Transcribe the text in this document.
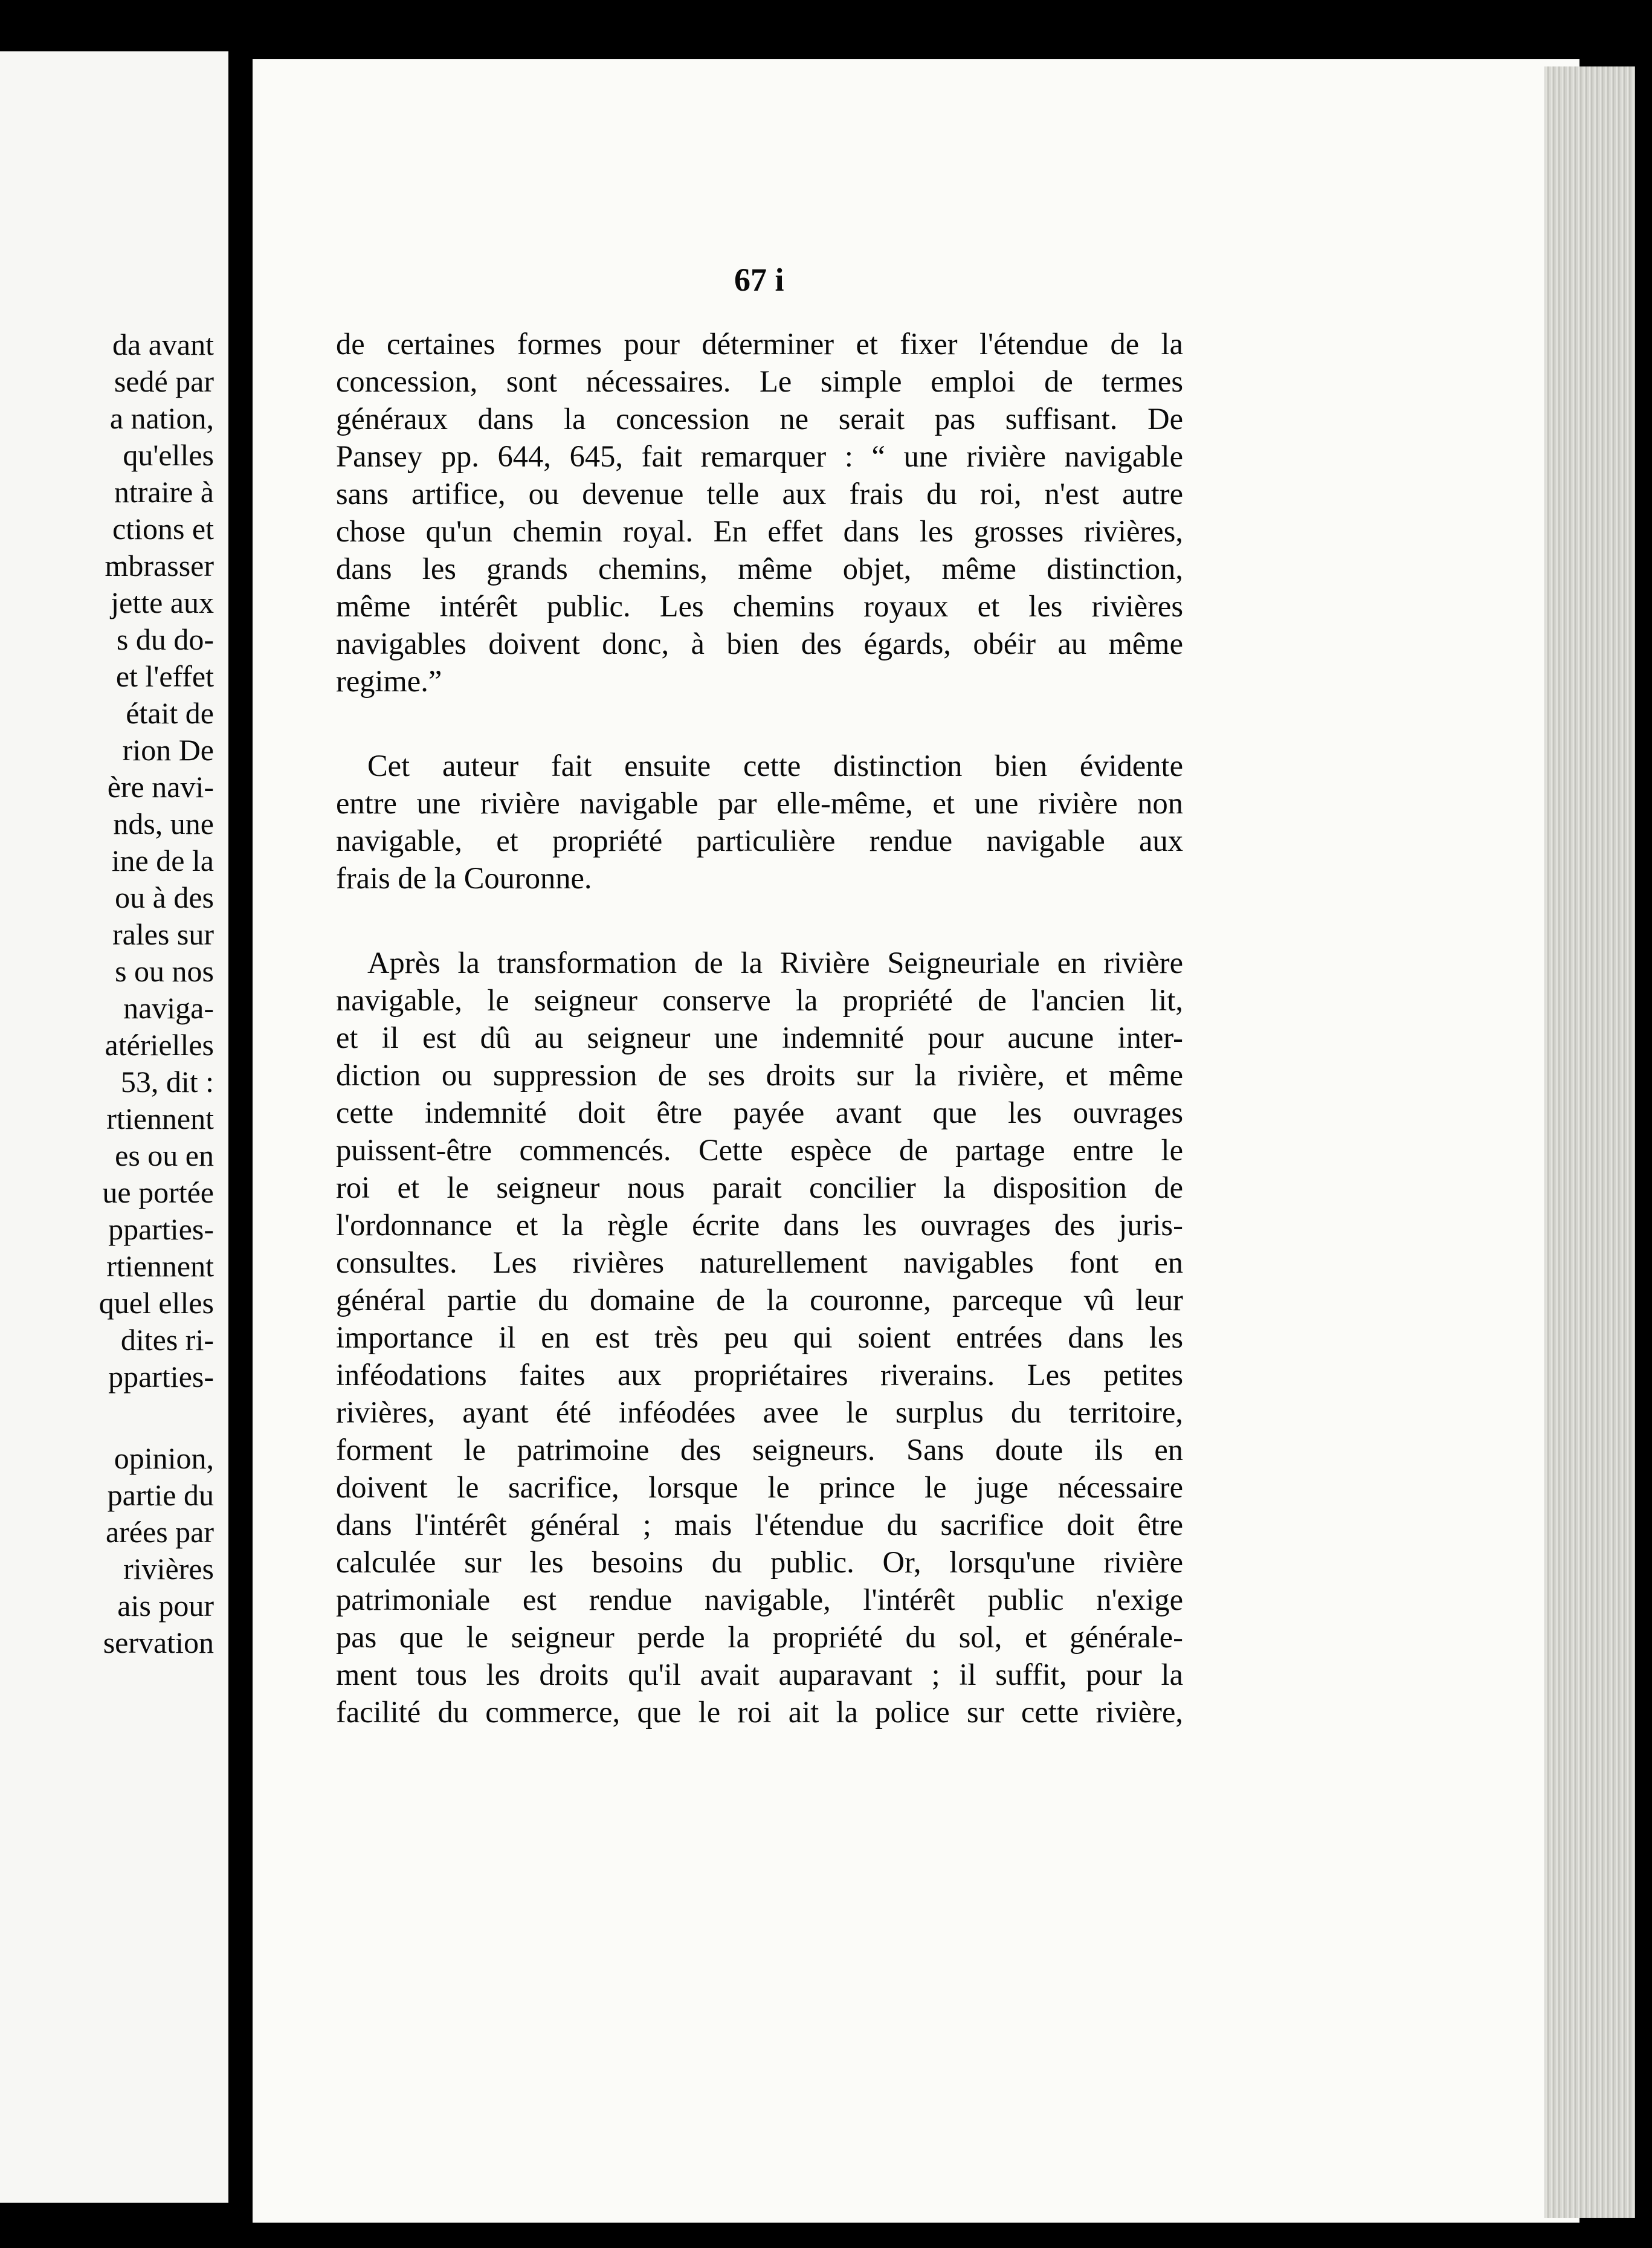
da avant
sedé par
a nation,
qu'elles
ntraire à
ctions et
mbrasser
jette aux
s du do-
et l'effet
était de
rion De
ère navi-
nds, une
ine de la
ou à des
rales sur
s ou nos
naviga-
atérielles
53, dit :
rtiennent
es ou en
ue portée
pparties-
rtiennent
quel elles
dites ri-
pparties-
opinion,
partie du
arées par
rivières
ais pour
servation
67 i
de certaines formes pour déterminer et fixer l'étendue de la
concession, sont nécessaires. Le simple emploi de termes
généraux dans la concession ne serait pas suffisant. De
Pansey pp. 644, 645, fait remarquer : “ une rivière navigable
sans artifice, ou devenue telle aux frais du roi, n'est autre
chose qu'un chemin royal. En effet dans les grosses rivières,
dans les grands chemins, même objet, même distinction,
même intérêt public. Les chemins royaux et les rivières
navigables doivent donc, à bien des égards, obéir au même
regime.”
Cet auteur fait ensuite cette distinction bien évidente
entre une rivière navigable par elle-même, et une rivière non
navigable, et propriété particulière rendue navigable aux
frais de la Couronne.
Après la transformation de la Rivière Seigneuriale en rivière
navigable, le seigneur conserve la propriété de l'ancien lit,
et il est dû au seigneur une indemnité pour aucune inter-
diction ou suppression de ses droits sur la rivière, et même
cette indemnité doit être payée avant que les ouvrages
puissent-être commencés. Cette espèce de partage entre le
roi et le seigneur nous parait concilier la disposition de
l'ordonnance et la règle écrite dans les ouvrages des juris-
consultes. Les rivières naturellement navigables font en
général partie du domaine de la couronne, parceque vû leur
importance il en est très peu qui soient entrées dans les
inféodations faites aux propriétaires riverains. Les petites
rivières, ayant été inféodées avee le surplus du territoire,
forment le patrimoine des seigneurs. Sans doute ils en
doivent le sacrifice, lorsque le prince le juge nécessaire
dans l'intérêt général ; mais l'étendue du sacrifice doit être
calculée sur les besoins du public. Or, lorsqu'une rivière
patrimoniale est rendue navigable, l'intérêt public n'exige
pas que le seigneur perde la propriété du sol, et générale-
ment tous les droits qu'il avait auparavant ; il suffit, pour la
facilité du commerce, que le roi ait la police sur cette rivière,
